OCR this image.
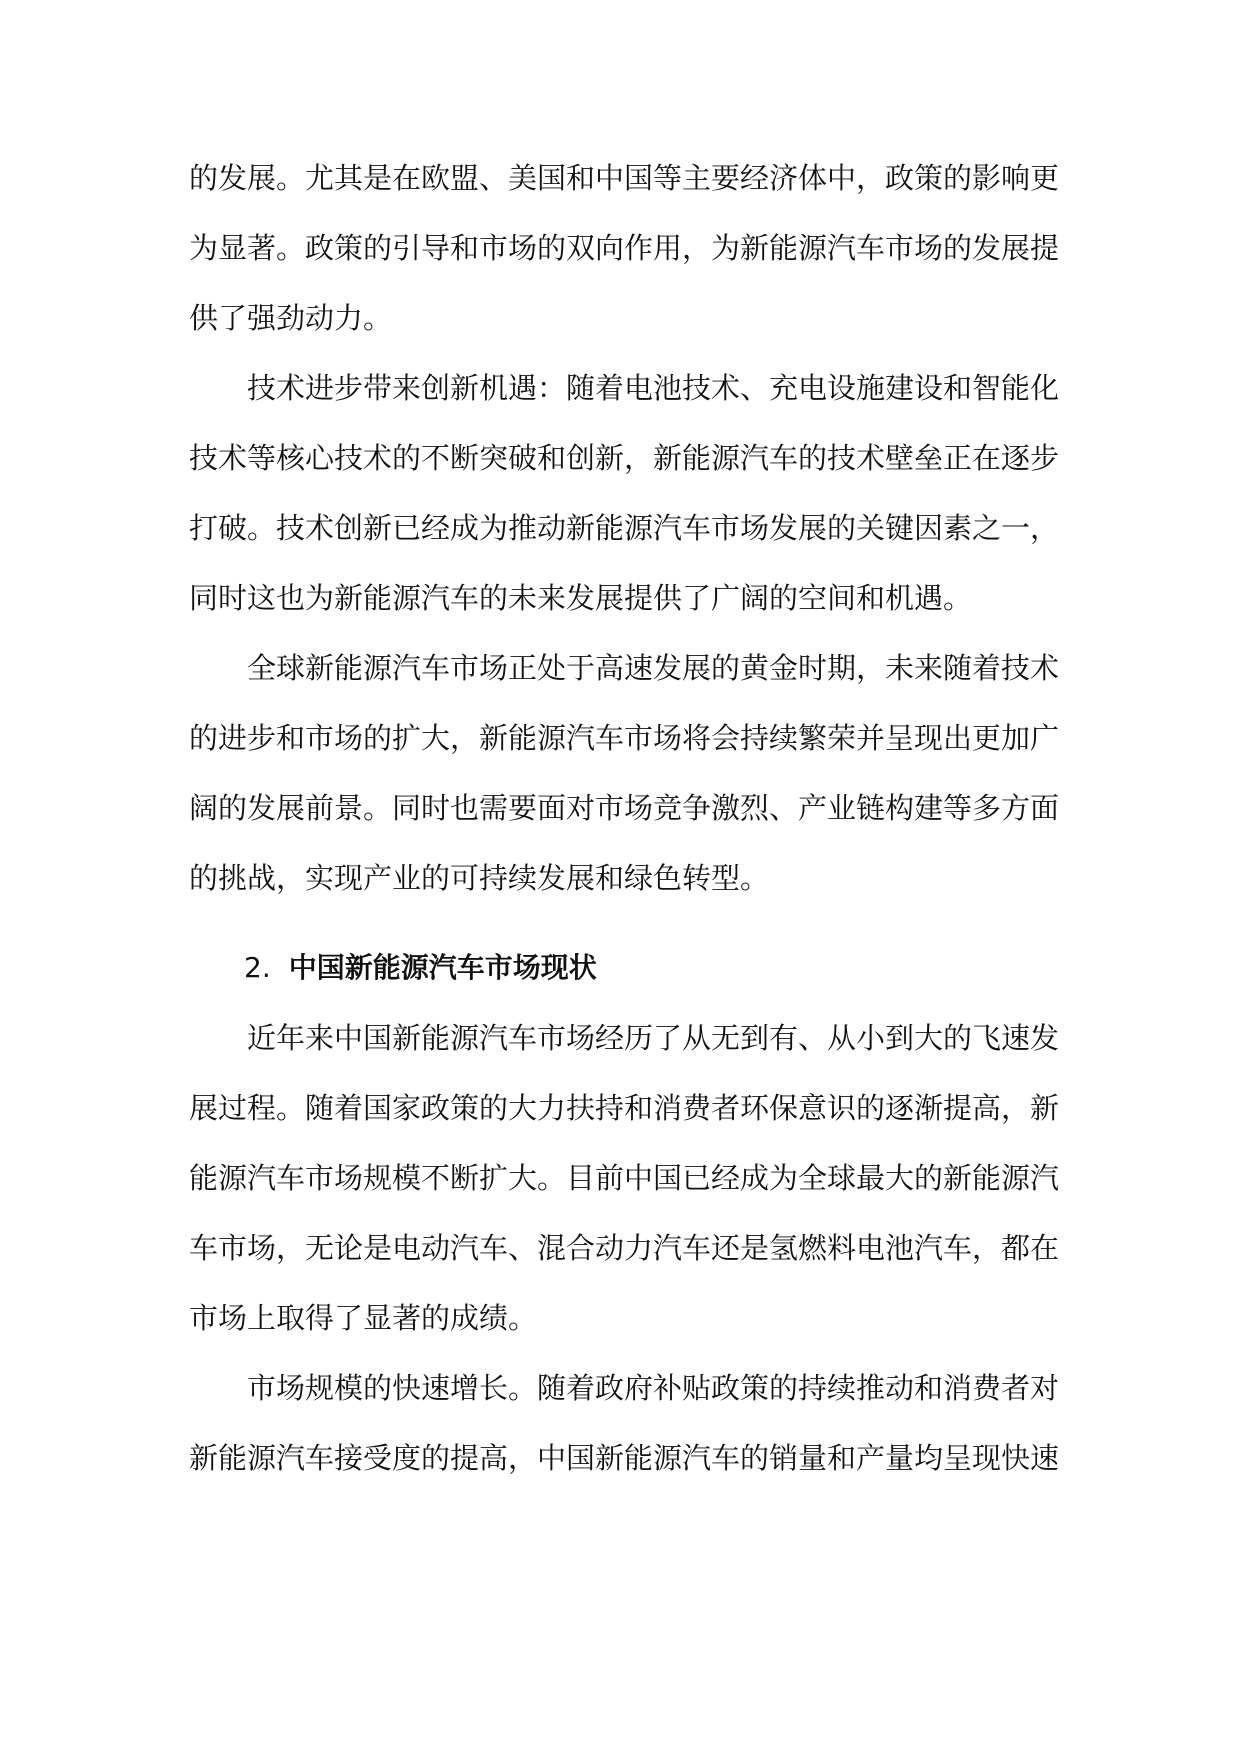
的发展。尤其是在欧盟、美国和中国等主要经济体中，政策的影响更
为显著。政策的引导和市场的双向作用，为新能源汽车市场的发展提
供了强劲动力。
技术进步带来创新机遇：随着电池技术、充电设施建设和智能化
技术等核心技术的不断突破和创新，新能源汽车的技术壁垒正在逐步
打破。技术创新已经成为推动新能源汽车市场发展的关键因素之一，
同时这也为新能源汽车的未来发展提供了广阔的空间和机遇。
全球新能源汽车市场正处于高速发展的黄金时期，未来随着技术
的进步和市场的扩大，新能源汽车市场将会持续繁荣并呈现出更加广
阔的发展前景。同时也需要面对市场竞争激烈、产业链构建等多方面
的挑战，实现产业的可持续发展和绿色转型。
2. 中国新能源汽车市场现状
近年来中国新能源汽车市场经历了从无到有、从小到大的飞速发
展过程。随着国家政策的大力扶持和消费者环保意识的逐渐提高，新
能源汽车市场规模不断扩大。目前中国已经成为全球最大的新能源汽
车市场，无论是电动汽车、混合动力汽车还是氢燃料电池汽车，都在
市场上取得了显著的成绩。
市场规模的快速增长。随着政府补贴政策的持续推动和消费者对
新能源汽车接受度的提高，中国新能源汽车的销量和产量均呈现快速
